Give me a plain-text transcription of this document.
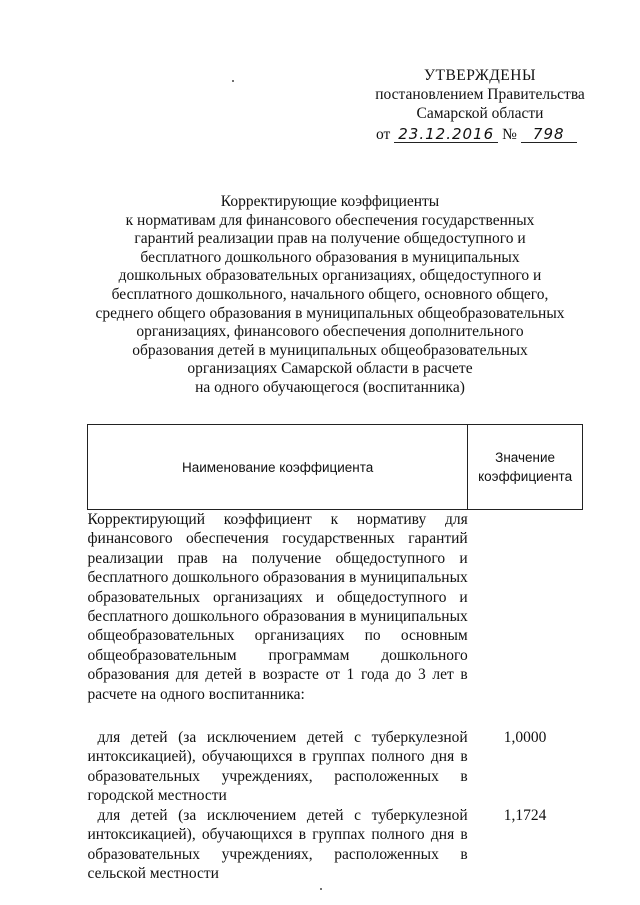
УТВЕРЖДЕНЫ
постановлением Правительства
Самарской области
от 23.12.2016 № 798
Корректирующие коэффициенты
к нормативам для финансового обеспечения государственных
гарантий реализации прав на получение общедоступного и
бесплатного дошкольного образования в муниципальных
дошкольных образовательных организациях, общедоступного и
бесплатного дошкольного, начального общего, основного общего,
среднего общего образования в муниципальных общеобразовательных
организациях, финансового обеспечения дополнительного
образования детей в муниципальных общеобразовательных
организациях Самарской области в расчете
на одного обучающегося (воспитанника)
Наименование коэффициента	Значение
коэффициента

Корректирующий коэффициент к нормативу для финансового обеспечения государственных гарантий реализации прав на получение общедоступного и бесплатного дошкольного образования в муниципальных образовательных организациях и общедоступного и бесплатного дошкольного образования в муниципальных общеобразовательных организациях по основным общеобразовательным программам дошкольного образования для детей в возрасте от 1 года до 3 лет в расчете на одного воспитанника:	

для детей (за исключением детей с туберкулезной интоксикацией), обучающихся в группах полного дня в образовательных учреждениях, расположенных в городской местности	1,0000
для детей (за исключением детей с туберкулезной интоксикацией), обучающихся в группах полного дня в образовательных учреждениях, расположенных в сельской местности	1,1724
